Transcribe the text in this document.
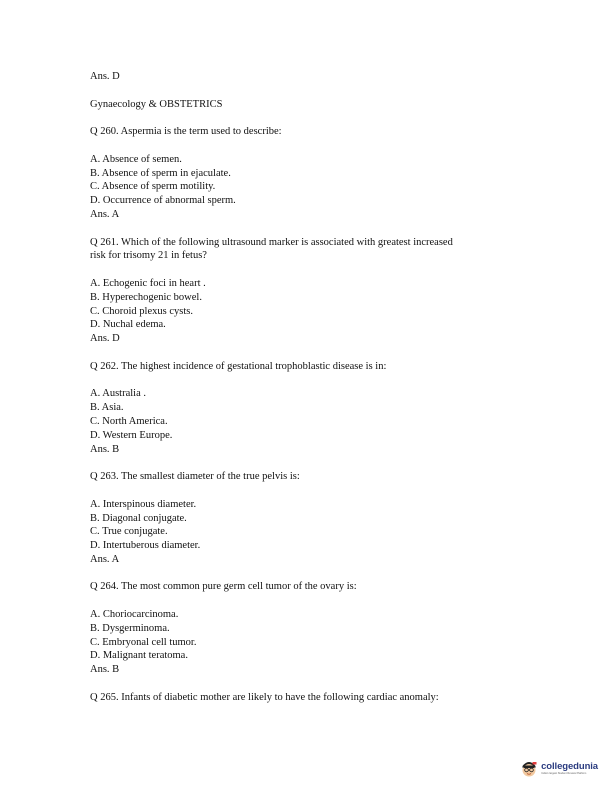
Ans. D

Gynaecology & OBSTETRICS

Q 260. Aspermia is the term used to describe:

A. Absence of semen.

B. Absence of sperm in ejaculate.

C. Absence of sperm motility.

D. Occurrence of abnormal sperm.

Ans. A

Q 261. Which of the following ultrasound marker is associated with greatest increased

risk for trisomy 21 in fetus?

A. Echogenic foci in heart .

B. Hyperechogenic bowel.

C. Choroid plexus cysts.

D. Nuchal edema.

Ans. D

Q 262. The highest incidence of gestational trophoblastic disease is in:

A. Australia .

B. Asia.

C. North America.

D. Western Europe.

Ans. B

Q 263. The smallest diameter of the true pelvis is:

A. Interspinous diameter.

B. Diagonal conjugate.

C. True conjugate.

D. Intertuberous diameter.

Ans. A

Q 264. The most common pure germ cell tumor of the ovary is:

A. Choriocarcinoma.

B. Dysgerminoma.

C. Embryonal cell tumor.

D. Malignant teratoma.

Ans. B

Q 265. Infants of diabetic mother are likely to have the following cardiac anomaly:

collegedunia
India's largest Student Review Platform
